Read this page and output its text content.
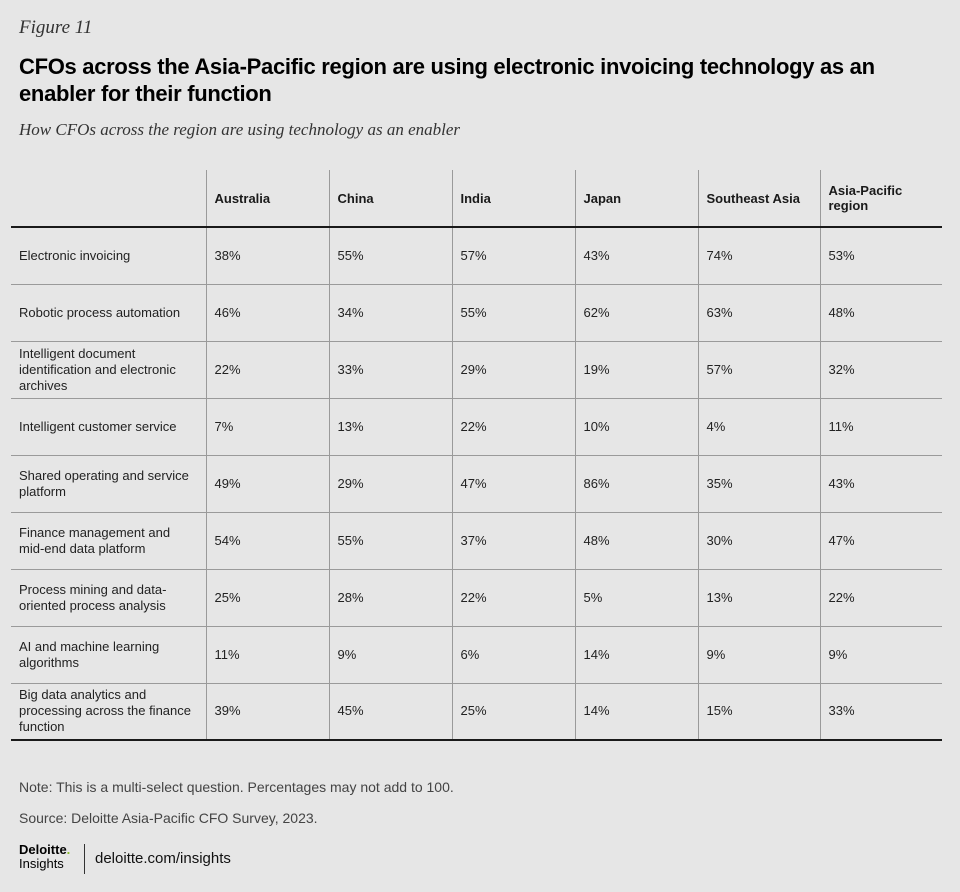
Figure 11
CFOs across the Asia-Pacific region are using electronic invoicing technology as an enabler for their function
How CFOs across the region are using technology as an enabler
	Australia	China	India	Japan	Southeast Asia	Asia-Pacific region
Electronic invoicing	38%	55%	57%	43%	74%	53%
Robotic process automation	46%	34%	55%	62%	63%	48%
Intelligent document identification and electronic archives	22%	33%	29%	19%	57%	32%
Intelligent customer service	7%	13%	22%	10%	4%	11%
Shared operating and service platform	49%	29%	47%	86%	35%	43%
Finance management and mid-end data platform	54%	55%	37%	48%	30%	47%
Process mining and data-oriented process analysis	25%	28%	22%	5%	13%	22%
AI and machine learning algorithms	11%	9%	6%	14%	9%	9%
Big data analytics and processing across the finance function	39%	45%	25%	14%	15%	33%
Note: This is a multi-select question. Percentages may not add to 100.
Source: Deloitte Asia-Pacific CFO Survey, 2023.
Deloitte.
Insights	deloitte.com/insights
